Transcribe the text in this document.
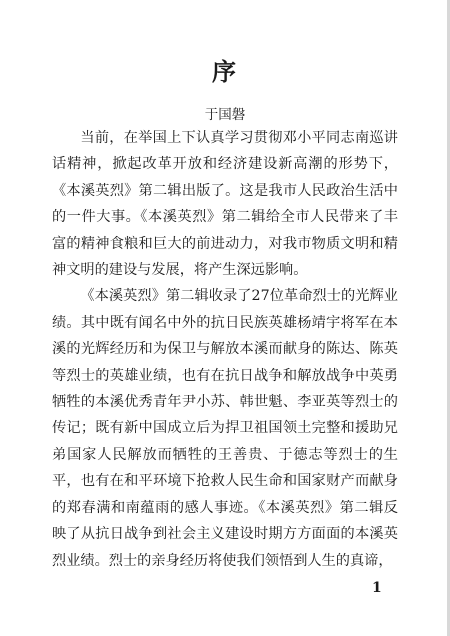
序
于国磐

当前，在举国上下认真学习贯彻邓小平同志南巡讲话精神，掀起改革开放和经济建设新高潮的形势下，《本溪英烈》第二辑出版了。这是我市人民政治生活中的一件大事。《本溪英烈》第二辑给全市人民带来了丰富的精神食粮和巨大的前进动力，对我市物质文明和精神文明的建设与发展，将产生深远影响。

《本溪英烈》第二辑收录了27位革命烈士的光辉业绩。其中既有闻名中外的抗日民族英雄杨靖宇将军在本溪的光辉经历和为保卫与解放本溪而献身的陈达、陈英等烈士的英雄业绩，也有在抗日战争和解放战争中英勇牺牲的本溪优秀青年尹小苏、韩世魁、李亚英等烈士的传记；既有新中国成立后为捍卫祖国领土完整和援助兄弟国家人民解放而牺牲的王善贵、于德志等烈士的生平，也有在和平环境下抢救人民生命和国家财产而献身的郑春满和南蕴雨的感人事迹。《本溪英烈》第二辑反映了从抗日战争到社会主义建设时期方方面面的本溪英烈业绩。烈士的亲身经历将使我们领悟到人生的真谛，

1
